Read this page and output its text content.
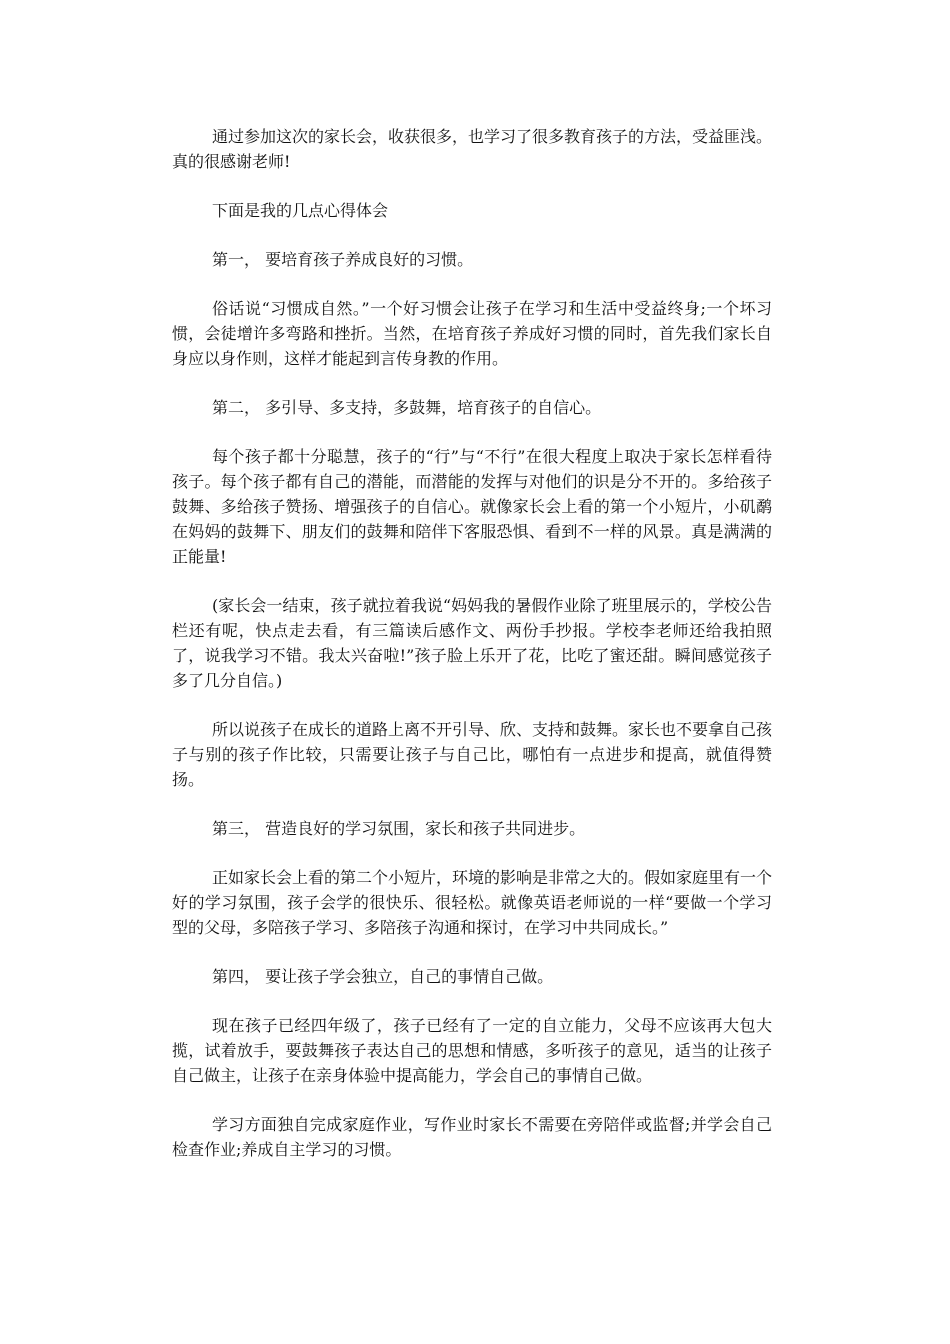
通过参加这次的家长会，收获很多，也学习了很多教育孩子的方法，受益匪浅。真的很感谢老师!

下面是我的几点心得体会

第一， 要培育孩子养成良好的习惯。

俗话说“习惯成自然。”一个好习惯会让孩子在学习和生活中受益终身;一个坏习惯，会徒增许多弯路和挫折。当然，在培育孩子养成好习惯的同时，首先我们家长自身应以身作则，这样才能起到言传身教的作用。

第二， 多引导、多支持，多鼓舞，培育孩子的自信心。

每个孩子都十分聪慧，孩子的“行”与“不行”在很大程度上取决于家长怎样看待孩子。每个孩子都有自己的潜能，而潜能的发挥与对他们的识是分不开的。多给孩子鼓舞、多给孩子赞扬、增强孩子的自信心。就像家长会上看的第一个小短片，小矶鹬在妈妈的鼓舞下、朋友们的鼓舞和陪伴下客服恐惧、看到不一样的风景。真是满满的正能量!

(家长会一结束，孩子就拉着我说“妈妈我的暑假作业除了班里展示的，学校公告栏还有呢，快点走去看，有三篇读后感作文、两份手抄报。学校李老师还给我拍照了，说我学习不错。我太兴奋啦!”孩子脸上乐开了花，比吃了蜜还甜。瞬间感觉孩子多了几分自信。)

所以说孩子在成长的道路上离不开引导、欣、支持和鼓舞。家长也不要拿自己孩子与别的孩子作比较，只需要让孩子与自己比，哪怕有一点进步和提高，就值得赞扬。

第三， 营造良好的学习氛围，家长和孩子共同进步。

正如家长会上看的第二个小短片，环境的影响是非常之大的。假如家庭里有一个好的学习氛围，孩子会学的很快乐、很轻松。就像英语老师说的一样“要做一个学习型的父母，多陪孩子学习、多陪孩子沟通和探讨，在学习中共同成长。”

第四， 要让孩子学会独立，自己的事情自己做。

现在孩子已经四年级了，孩子已经有了一定的自立能力，父母不应该再大包大揽，试着放手，要鼓舞孩子表达自己的思想和情感，多听孩子的意见，适当的让孩子自己做主，让孩子在亲身体验中提高能力，学会自己的事情自己做。

学习方面独自完成家庭作业，写作业时家长不需要在旁陪伴或监督;并学会自己检查作业;养成自主学习的习惯。
